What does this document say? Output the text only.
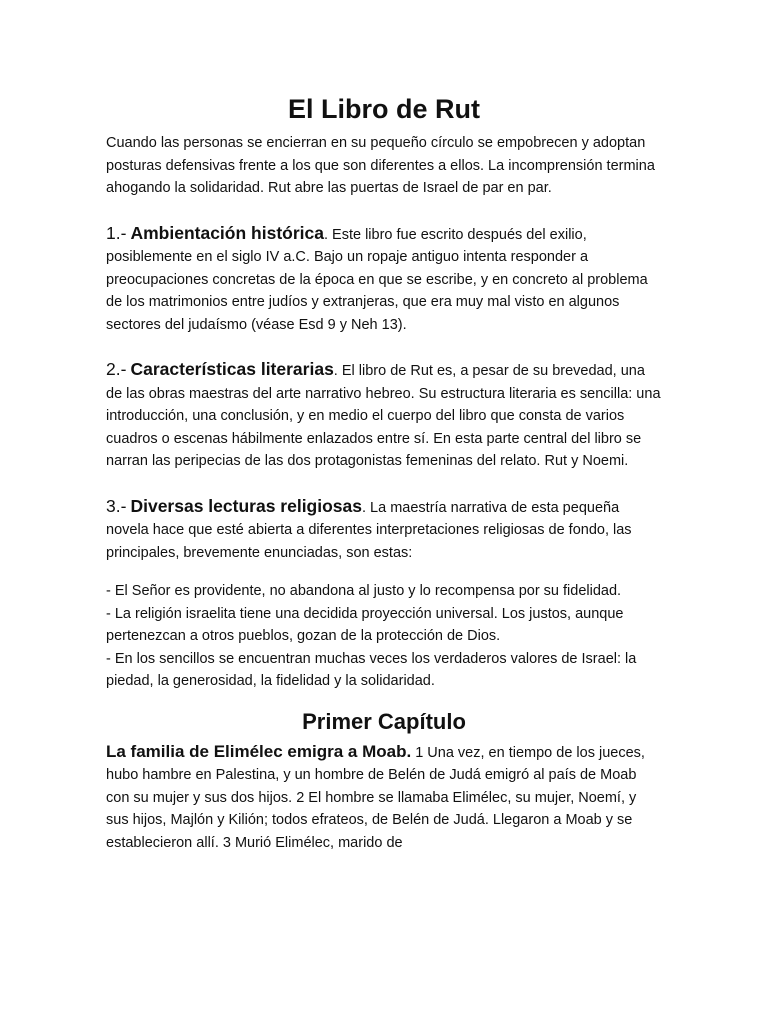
El Libro de Rut

Cuando las personas se encierran en su pequeño círculo se empobrecen y adoptan posturas defensivas frente a los que son diferentes a ellos. La incomprensión termina ahogando la solidaridad. Rut abre las puertas de Israel de par en par.

1.- Ambientación histórica. Este libro fue escrito después del exilio, posiblemente en el siglo IV a.C. Bajo un ropaje antiguo intenta responder a preocupaciones concretas de la época en que se escribe, y en concreto al problema de los matrimonios entre judíos y extranjeras, que era muy mal visto en algunos sectores del judaísmo (véase Esd 9 y Neh 13).

2.- Características literarias. El libro de Rut es, a pesar de su brevedad, una de las obras maestras del arte narrativo hebreo. Su estructura literaria es sencilla: una introducción, una conclusión, y en medio el cuerpo del libro que consta de varios cuadros o escenas hábilmente enlazados entre sí. En esta parte central del libro se narran las peripecias de las dos protagonistas femeninas del relato. Rut y Noemi.

3.- Diversas lecturas religiosas. La maestría narrativa de esta pequeña novela hace que esté abierta a diferentes interpretaciones religiosas de fondo, las principales, brevemente enunciadas, son estas:

- El Señor es providente, no abandona al justo y lo recompensa por su fidelidad.

- La religión israelita tiene una decidida proyección universal. Los justos, aunque pertenezcan a otros pueblos, gozan de la protección de Dios.

- En los sencillos se encuentran muchas veces los verdaderos valores de Israel: la piedad, la generosidad, la fidelidad y la solidaridad.

Primer Capítulo

La familia de Elimélec emigra a Moab. 1 Una vez, en tiempo de los jueces, hubo hambre en Palestina, y un hombre de Belén de Judá emigró al país de Moab con su mujer y sus dos hijos. 2 El hombre se llamaba Elimélec, su mujer, Noemí, y sus hijos, Majlón y Kilión; todos efrateos, de Belén de Judá. Llegaron a Moab y se establecieron allí. 3 Murió Elimélec, marido de
